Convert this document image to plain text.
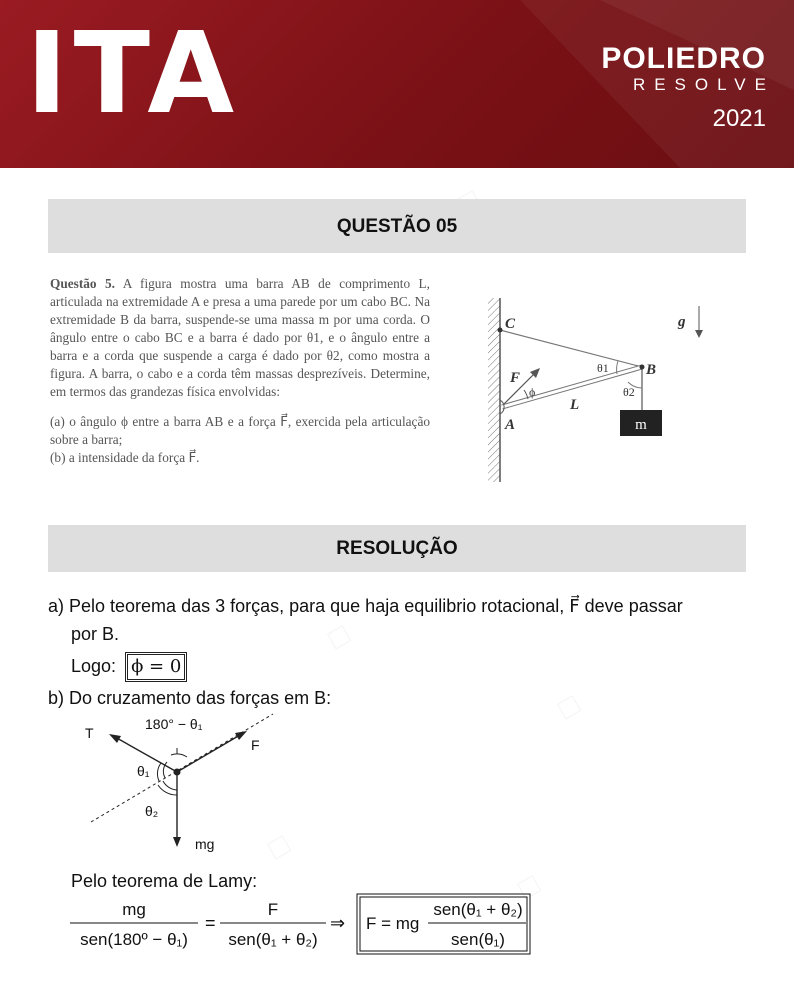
ITA	POLIEDRO
RESOLVE
2021
QUESTÃO 05

Questão 5. A figura mostra uma barra AB de comprimento L, articulada na extremidade A e presa a uma parede por um cabo BC. Na extremidade B da barra, suspende-se uma massa m por uma corda. O ângulo entre o cabo BC e a barra é dado por θ1, e o ângulo entre a barra e a corda que suspende a carga é dado por θ2, como mostra a figura. A barra, o cabo e a corda têm massas desprezíveis. Determine, em termos das grandezas física envolvidas:

(a) o ângulo ϕ entre a barra AB e a força F⃗, exercida pela articulação sobre a barra;

(b) a intensidade da força F⃗.

m
C
B
A
L
g⃗
F⃗
ϕ
θ1
θ2
RESOLUÇÃO
a) Pelo teorema das 3 forças, para que haja equilibrio rotacional, F⃗ deve passar
por B.
Logo: ϕ = 0
b) Do cruzamento das forças em B:
180° − θ₁
T
F
θ₁
θ₂
mg
Pelo teorema de Lamy:
mg
sen(180º − θ₁)
=
F
sen(θ₁ + θ₂)
⇒ F = mg
sen(θ₁ + θ₂)
sen(θ₁)
